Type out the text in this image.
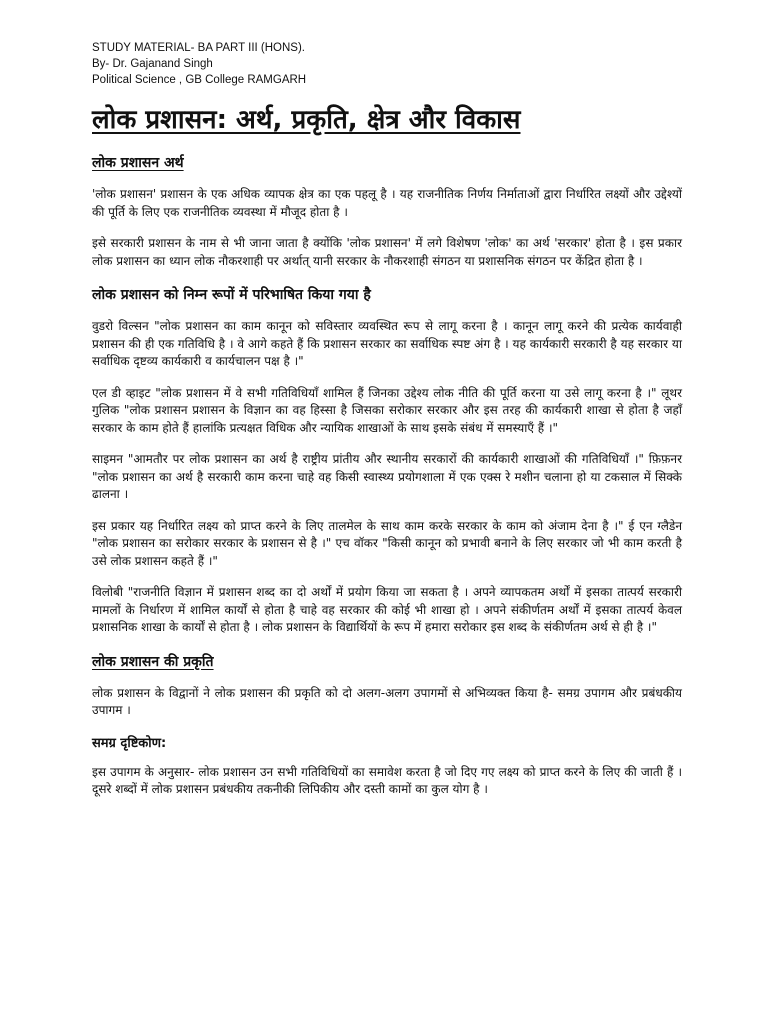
STUDY MATERIAL- BA PART III (HONS).

By- Dr. Gajanand Singh

Political Science , GB College RAMGARH

लोक प्रशासन: अर्थ, प्रकृति, क्षेत्र और विकास
लोक प्रशासन अर्थ

'लोक प्रशासन' प्रशासन के एक अधिक व्यापक क्षेत्र का एक पहलू है । यह राजनीतिक निर्णय निर्माताओं द्वारा निर्धारित लक्ष्यों और उद्देश्यों की पूर्ति के लिए एक राजनीतिक व्यवस्था में मौजूद होता है ।

इसे सरकारी प्रशासन के नाम से भी जाना जाता है क्योंकि 'लोक प्रशासन' में लगे विशेषण 'लोक' का अर्थ 'सरकार' होता है । इस प्रकार लोक प्रशासन का ध्यान लोक नौकरशाही पर अर्थात् यानी सरकार के नौकरशाही संगठन या प्रशासनिक संगठन पर केंद्रित होता है ।

लोक प्रशासन को निम्न रूपों में परिभाषित किया गया है

वुडरो विल्सन "लोक प्रशासन का काम कानून को सविस्तार व्यवस्थित रूप से लागू करना है । कानून लागू करने की प्रत्येक कार्यवाही प्रशासन की ही एक गतिविधि है । वे आगे कहते हैं कि प्रशासन सरकार का सर्वाधिक स्पष्ट अंग है । यह कार्यकारी सरकारी है यह सरकार या सर्वाधिक दृष्टव्य कार्यकारी व कार्यचालन पक्ष है ।"

एल डी व्हाइट "लोक प्रशासन में वे सभी गतिविधियाँ शामिल हैं जिनका उद्देश्य लोक नीति की पूर्ति करना या उसे लागू करना है ।" लूथर गुलिक "लोक प्रशासन प्रशासन के विज्ञान का वह हिस्सा है जिसका सरोकार सरकार और इस तरह की कार्यकारी शाखा से होता है जहाँ सरकार के काम होते हैं हालांकि प्रत्यक्षत विधिक और न्यायिक शाखाओं के साथ इसके संबंध में समस्याएँ हैं ।"

साइमन "आमतौर पर लोक प्रशासन का अर्थ है राष्ट्रीय प्रांतीय और स्थानीय सरकारों की कार्यकारी शाखाओं की गतिविधियाँ ।" फ़िफ़नर "लोक प्रशासन का अर्थ है सरकारी काम करना चाहे वह किसी स्वास्थ्य प्रयोगशाला में एक एक्स रे मशीन चलाना हो या टकसाल में सिक्के ढालना ।

इस प्रकार यह निर्धारित लक्ष्य को प्राप्त करने के लिए तालमेल के साथ काम करके सरकार के काम को अंजाम देना है ।" ई एन ग्लैडेन "लोक प्रशासन का सरोकार सरकार के प्रशासन से है ।" एच वॉकर "किसी कानून को प्रभावी बनाने के लिए सरकार जो भी काम करती है उसे लोक प्रशासन कहते हैं ।"

विलोबी "राजनीति विज्ञान में प्रशासन शब्द का दो अर्थों में प्रयोग किया जा सकता है । अपने व्यापकतम अर्थों में इसका तात्पर्य सरकारी मामलों के निर्धारण में शामिल कार्यों से होता है चाहे वह सरकार की कोई भी शाखा हो । अपने संकीर्णतम अर्थों में इसका तात्पर्य केवल प्रशासनिक शाखा के कार्यों से होता है । लोक प्रशासन के विद्यार्थियों के रूप में हमारा सरोकार इस शब्द के संकीर्णतम अर्थ से ही है ।"

लोक प्रशासन की प्रकृति

लोक प्रशासन के विद्वानों ने लोक प्रशासन की प्रकृति को दो अलग-अलग उपागमों से अभिव्यक्त किया है- समग्र उपागम और प्रबंधकीय उपागम ।

समग्र दृष्टिकोण:

इस उपागम के अनुसार- लोक प्रशासन उन सभी गतिविधियों का समावेश करता है जो दिए गए लक्ष्य को प्राप्त करने के लिए की जाती हैं । दूसरे शब्दों में लोक प्रशासन प्रबंधकीय तकनीकी लिपिकीय और दस्ती कामों का कुल योग है ।
